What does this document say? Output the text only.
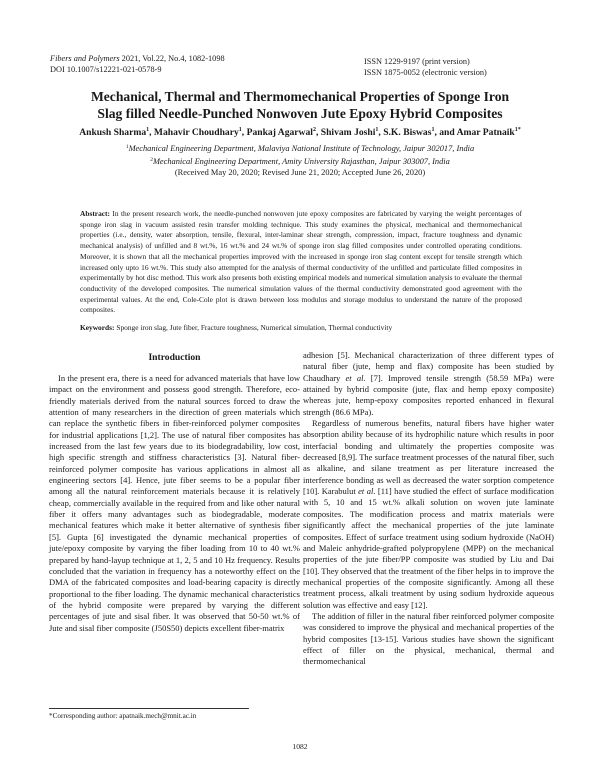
Fibers and Polymers 2021, Vol.22, No.4, 1082-1098
DOI 10.1007/s12221-021-0578-9
ISSN 1229-9197 (print version)
ISSN 1875-0052 (electronic version)
Mechanical, Thermal and Thermomechanical Properties of Sponge Iron
Slag filled Needle-Punched Nonwoven Jute Epoxy Hybrid Composites
Ankush Sharma$^1$, Mahavir Choudhary$^1$, Pankaj Agarwal$^2$, Shivam Joshi$^1$, S.K. Biswas$^1$, and Amar Patnaik$^{1*}$
$^1$Mechanical Engineering Department, Malaviya National Institute of Technology, Jaipur 302017, India
$^2$Mechanical Engineering Department, Amity University Rajasthan, Jaipur 303007, India
(Received May 20, 2020; Revised June 21, 2020; Accepted June 26, 2020)
Abstract: In the present research work, the needle-punched nonwoven jute epoxy composites are fabricated by varying the weight percentages of sponge iron slag in vacuum assisted resin transfer molding technique. This study examines the physical, mechanical and thermomechanical properties (i.e., density, water absorption, tensile, flexural, inter-laminar shear strength, compression, impact, fracture toughness and dynamic mechanical analysis) of unfilled and 8 wt.%, 16 wt.% and 24 wt.% of sponge iron slag filled composites under controlled operating conditions. Moreover, it is shown that all the mechanical properties improved with the increased in sponge iron slag content except for tensile strength which increased only upto 16 wt.%. This study also attempted for the analysis of thermal conductivity of the unfilled and particulate filled composites in experimentally by hot disc method. This work also presents both existing empirical models and numerical simulation analysis to evaluate the thermal conductivity of the developed composites. The numerical simulation values of the thermal conductivity demonstrated good agreement with the experimental values. At the end, Cole-Cole plot is drawn between loss modulus and storage modulus to understand the nature of the proposed composites.
Keywords: Sponge iron slag, Jute fiber, Fracture toughness, Numerical simulation, Thermal conductivity
Introduction

In the present era, there is a need for advanced materials that have low impact on the environment and possess good strength. Therefore, eco-friendly materials derived from the natural sources forced to draw the attention of many researchers in the direction of green materials which can replace the synthetic fibers in fiber-reinforced polymer composites for industrial applications [1,2]. The use of natural fiber composites has increased from the last few years due to its biodegradability, low cost, high specific strength and stiffness characteristics [3]. Natural fiber-reinforced polymer composite has various applications in almost all engineering sectors [4]. Hence, jute fiber seems to be a popular fiber among all the natural reinforcement materials because it is relatively cheap, commercially available in the required from and like other natural fiber it offers many advantages such as biodegradable, moderate mechanical features which make it better alternative of synthesis fiber [5]. Gupta [6] investigated the dynamic mechanical properties of jute/epoxy composite by varying the fiber loading from 10 to 40 wt.% prepared by hand-layup technique at 1, 2, 5 and 10 Hz frequency. Results concluded that the variation in frequency has a noteworthy effect on the DMA of the fabricated composites and load-bearing capacity is directly proportional to the fiber loading. The dynamic mechanical characteristics of the hybrid composite were prepared by varying the different percentages of jute and sisal fiber. It was observed that 50-50 wt.% of Jute and sisal fiber composite (J50S50) depicts excellent fiber-matrix

adhesion [5]. Mechanical characterization of three different types of natural fiber (jute, hemp and flax) composite has been studied by Chaudhary et al. [7]. Improved tensile strength (58.59 MPa) were attained by hybrid composite (jute, flax and hemp epoxy composite) whereas jute, hemp-epoxy composites reported enhanced in flexural strength (86.6 MPa).

Regardless of numerous benefits, natural fibers have higher water absorption ability because of its hydrophilic nature which results in poor interfacial bonding and ultimately the properties composite was decreased [8,9]. The surface treatment processes of the natural fiber, such as alkaline, and silane treatment as per literature increased the interference bonding as well as decreased the water sorption competence [10]. Karabulut et al. [11] have studied the effect of surface modification with 5, 10 and 15 wt.% alkali solution on woven jute laminate composites. The modification process and matrix materials were significantly affect the mechanical properties of the jute laminate composites. Effect of surface treatment using sodium hydroxide (NaOH) and Maleic anhydride-grafted polypropylene (MPP) on the mechanical properties of the jute fiber/PP composite was studied by Liu and Dai [10]. They observed that the treatment of the fiber helps in to improve the mechanical properties of the composite significantly. Among all these treatment process, alkali treatment by using sodium hydroxide aqueous solution was effective and easy [12].

The addition of filler in the natural fiber reinforced polymer composite was considered to improve the physical and mechanical properties of the hybrid composites [13-15]. Various studies have shown the significant effect of filler on the physical, mechanical, thermal and thermomechanical

*Corresponding author: apatnaik.mech@mnit.ac.in
1082
